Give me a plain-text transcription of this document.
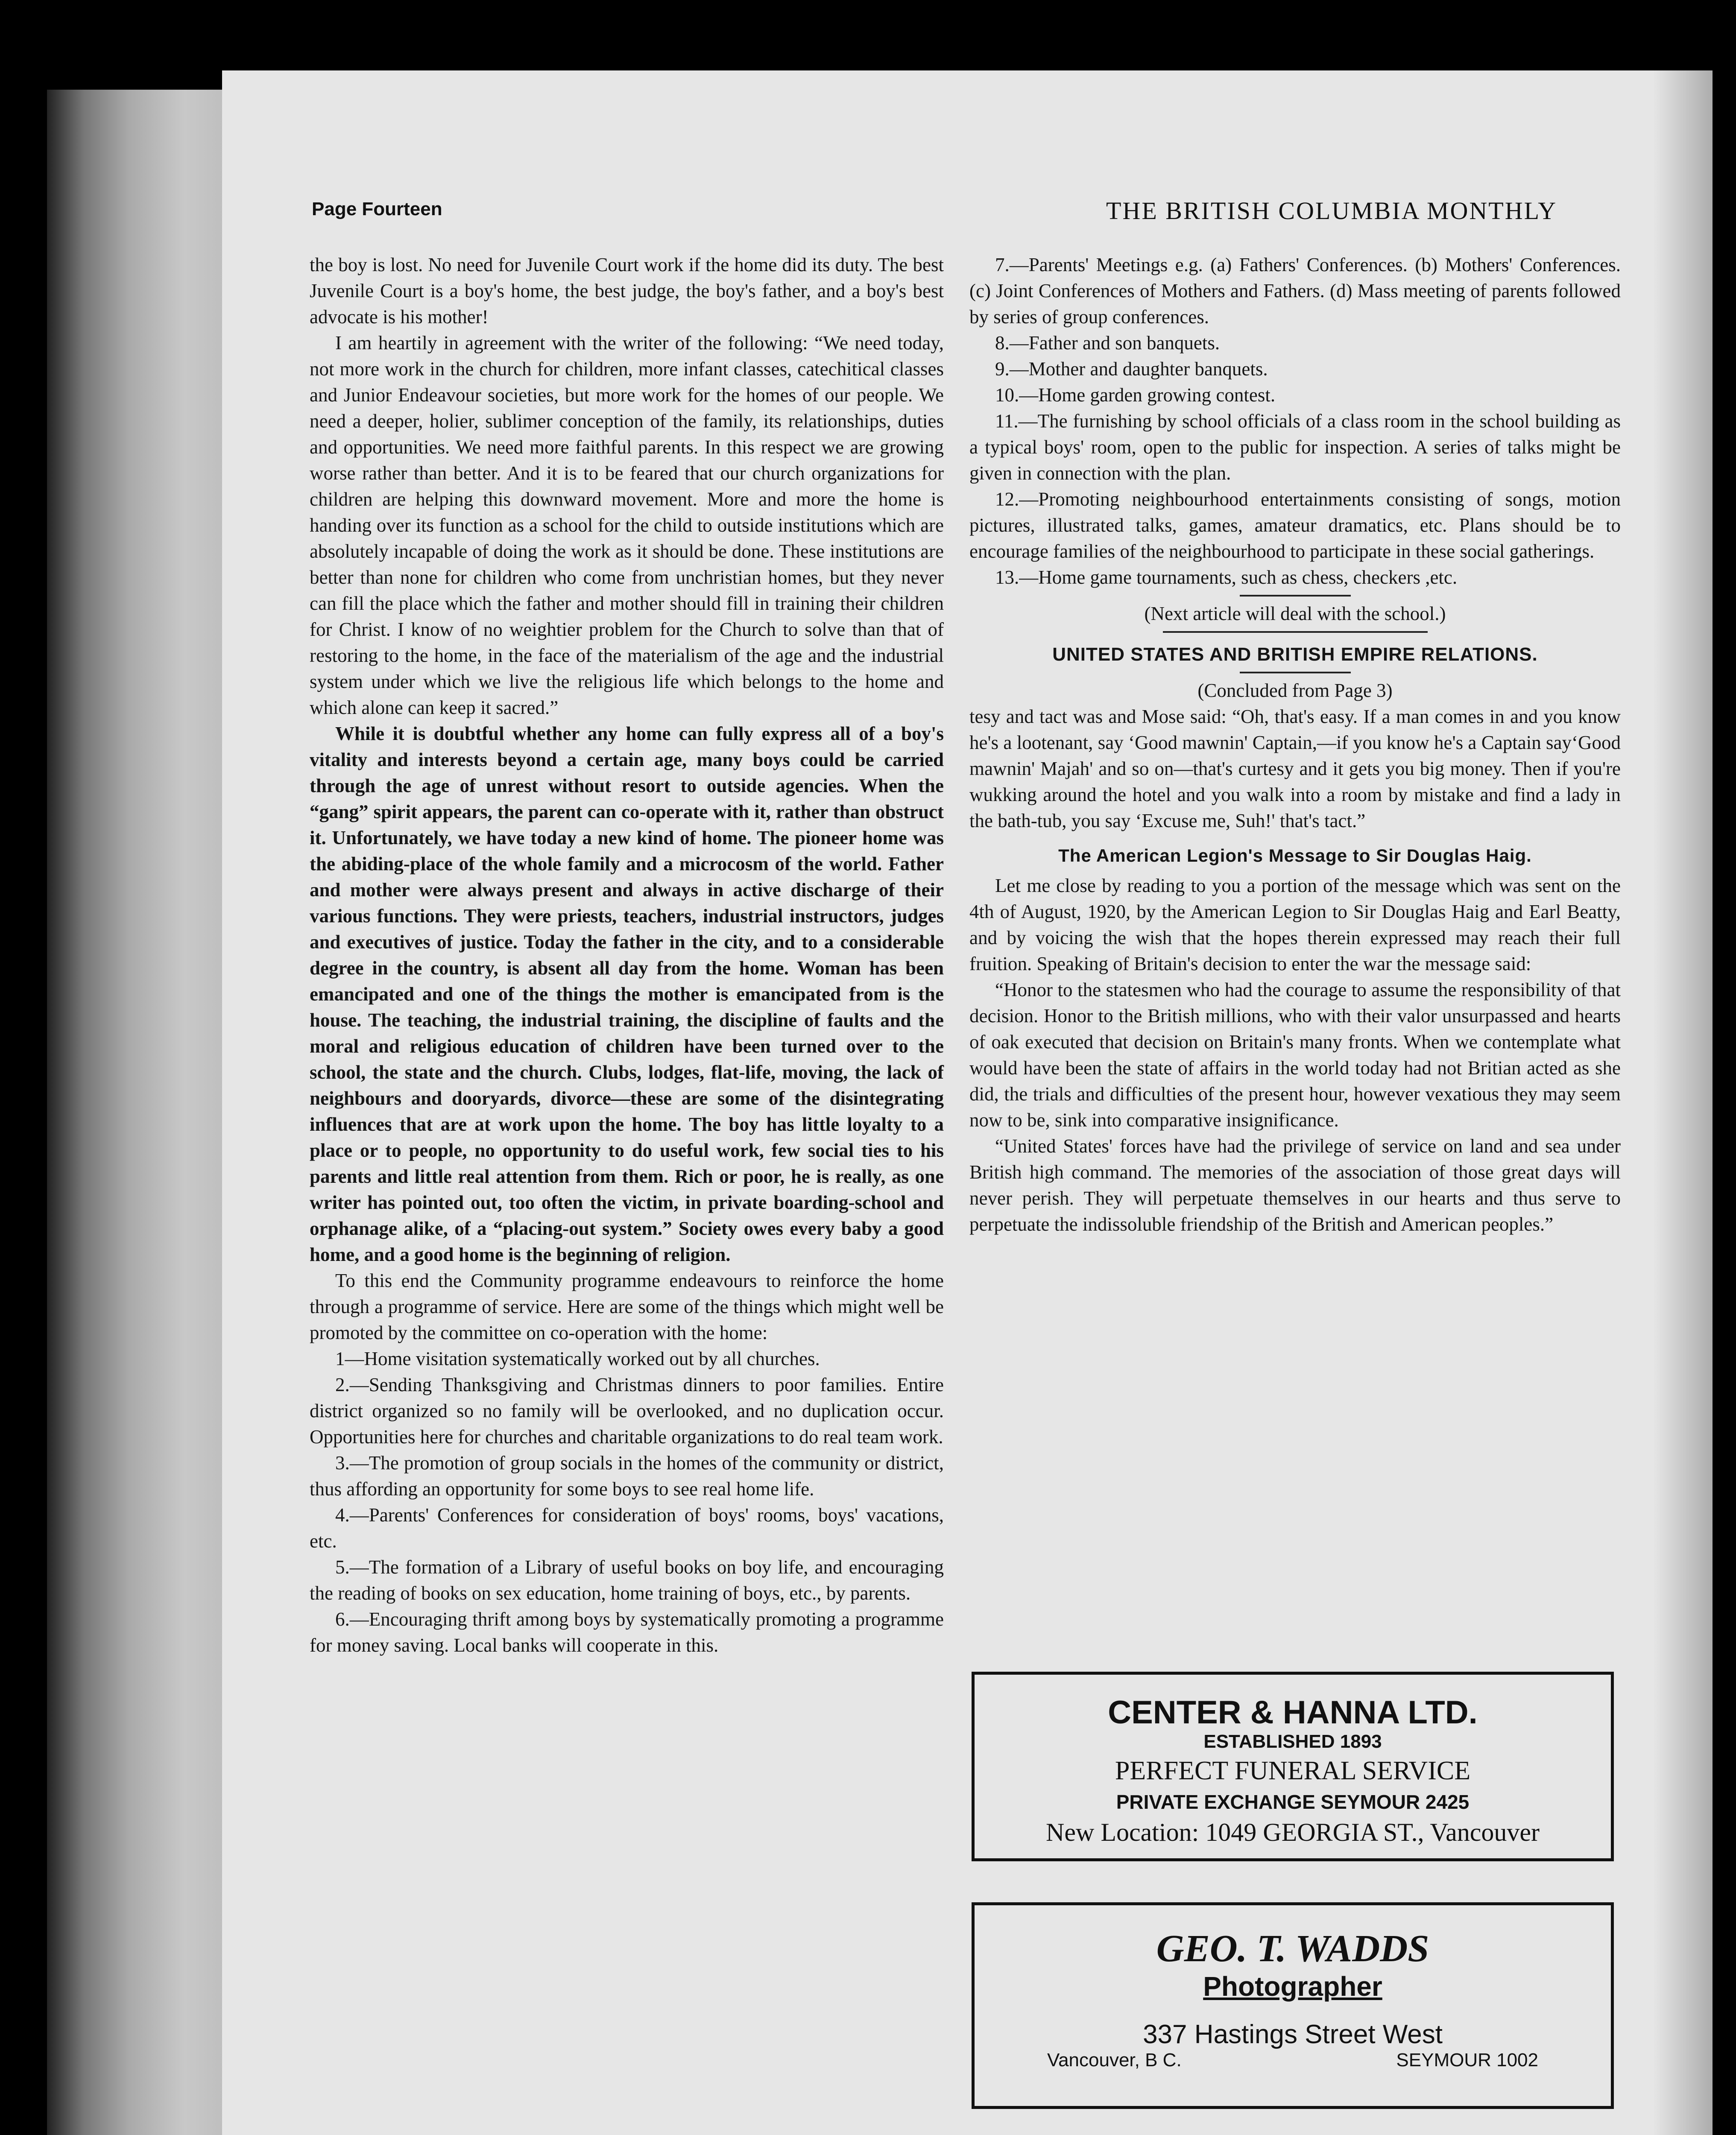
Page Fourteen	THE BRITISH COLUMBIA MONTHLY

the boy is lost. No need for Juvenile Court work if the home did its duty. The best Juvenile Court is a boy's home, the best judge, the boy's father, and a boy's best advocate is his mother!

I am heartily in agreement with the writer of the following: “We need today, not more work in the church for children, more infant classes, catechitical classes and Junior Endeavour societies, but more work for the homes of our people. We need a deeper, holier, sublimer conception of the family, its relationships, duties and opportunities. We need more faithful parents. In this respect we are growing worse rather than better. And it is to be feared that our church organizations for children are helping this downward movement. More and more the home is handing over its function as a school for the child to outside institutions which are absolutely incapable of doing the work as it should be done. These institutions are better than none for children who come from unchristian homes, but they never can fill the place which the father and mother should fill in training their children for Christ. I know of no weightier problem for the Church to solve than that of restoring to the home, in the face of the materialism of the age and the industrial system under which we live the religious life which belongs to the home and which alone can keep it sacred.”

While it is doubtful whether any home can fully express all of a boy's vitality and interests beyond a certain age, many boys could be carried through the age of unrest without resort to outside agencies. When the “gang” spirit appears, the parent can co-operate with it, rather than obstruct it. Unfortunately, we have today a new kind of home. The pioneer home was the abiding-place of the whole family and a microcosm of the world. Father and mother were always present and always in active discharge of their various functions. They were priests, teachers, industrial instructors, judges and executives of justice. Today the father in the city, and to a considerable degree in the country, is absent all day from the home. Woman has been emancipated and one of the things the mother is emancipated from is the house. The teaching, the industrial training, the discipline of faults and the moral and religious education of children have been turned over to the school, the state and the church. Clubs, lodges, flat-life, moving, the lack of neighbours and dooryards, divorce—these are some of the disintegrating influences that are at work upon the home. The boy has little loyalty to a place or to people, no opportunity to do useful work, few social ties to his parents and little real attention from them. Rich or poor, he is really, as one writer has pointed out, too often the victim, in private boarding-school and orphanage alike, of a “placing-out system.” Society owes every baby a good home, and a good home is the beginning of religion.

To this end the Community programme endeavours to reinforce the home through a programme of service. Here are some of the things which might well be promoted by the committee on co-operation with the home:

1—Home visitation systematically worked out by all churches.

2.—Sending Thanksgiving and Christmas dinners to poor families. Entire district organized so no family will be overlooked, and no duplication occur. Opportunities here for churches and charitable organizations to do real team work.

3.—The promotion of group socials in the homes of the community or district, thus affording an opportunity for some boys to see real home life.

4.—Parents' Conferences for consideration of boys' rooms, boys' vacations, etc.

5.—The formation of a Library of useful books on boy life, and encouraging the reading of books on sex education, home training of boys, etc., by parents.

6.—Encouraging thrift among boys by systematically promoting a programme for money saving. Local banks will cooperate in this.

7.—Parents' Meetings e.g. (a) Fathers' Conferences. (b) Mothers' Conferences. (c) Joint Conferences of Mothers and Fathers. (d) Mass meeting of parents followed by series of group conferences.

8.—Father and son banquets.

9.—Mother and daughter banquets.

10.—Home garden growing contest.

11.—The furnishing by school officials of a class room in the school building as a typical boys' room, open to the public for inspection. A series of talks might be given in connection with the plan.

12.—Promoting neighbourhood entertainments consisting of songs, motion pictures, illustrated talks, games, amateur dramatics, etc. Plans should be to encourage families of the neighbourhood to participate in these social gatherings.

13.—Home game tournaments, such as chess, checkers ,etc.

(Next article will deal with the school.)

UNITED STATES AND BRITISH EMPIRE RELATIONS.

(Concluded from Page 3)

tesy and tact was and Mose said: “Oh, that's easy. If a man comes in and you know he's a lootenant, say ‘Good mawnin' Captain,—if you know he's a Captain say‘Good mawnin' Majah' and so on—that's curtesy and it gets you big money. Then if you're wukking around the hotel and you walk into a room by mistake and find a lady in the bath-tub, you say ‘Excuse me, Suh!' that's tact.”

The American Legion's Message to Sir Douglas Haig.

Let me close by reading to you a portion of the message which was sent on the 4th of August, 1920, by the American Legion to Sir Douglas Haig and Earl Beatty, and by voicing the wish that the hopes therein expressed may reach their full fruition. Speaking of Britain's decision to enter the war the message said:

“Honor to the statesmen who had the courage to assume the responsibility of that decision. Honor to the British millions, who with their valor unsurpassed and hearts of oak executed that decision on Britain's many fronts. When we contemplate what would have been the state of affairs in the world today had not Britian acted as she did, the trials and difficulties of the present hour, however vexatious they may seem now to be, sink into comparative insignificance.

“United States' forces have had the privilege of service on land and sea under British high command. The memories of the association of those great days will never perish. They will perpetuate themselves in our hearts and thus serve to perpetuate the indissoluble friendship of the British and American peoples.”

CENTER & HANNA LTD.
ESTABLISHED 1893
PERFECT FUNERAL SERVICE
PRIVATE EXCHANGE SEYMOUR 2425
New Location: 1049 GEORGIA ST., Vancouver
GEO. T. WADDS
Photographer
337 Hastings Street West
Vancouver, B C.	SEYMOUR 1002
